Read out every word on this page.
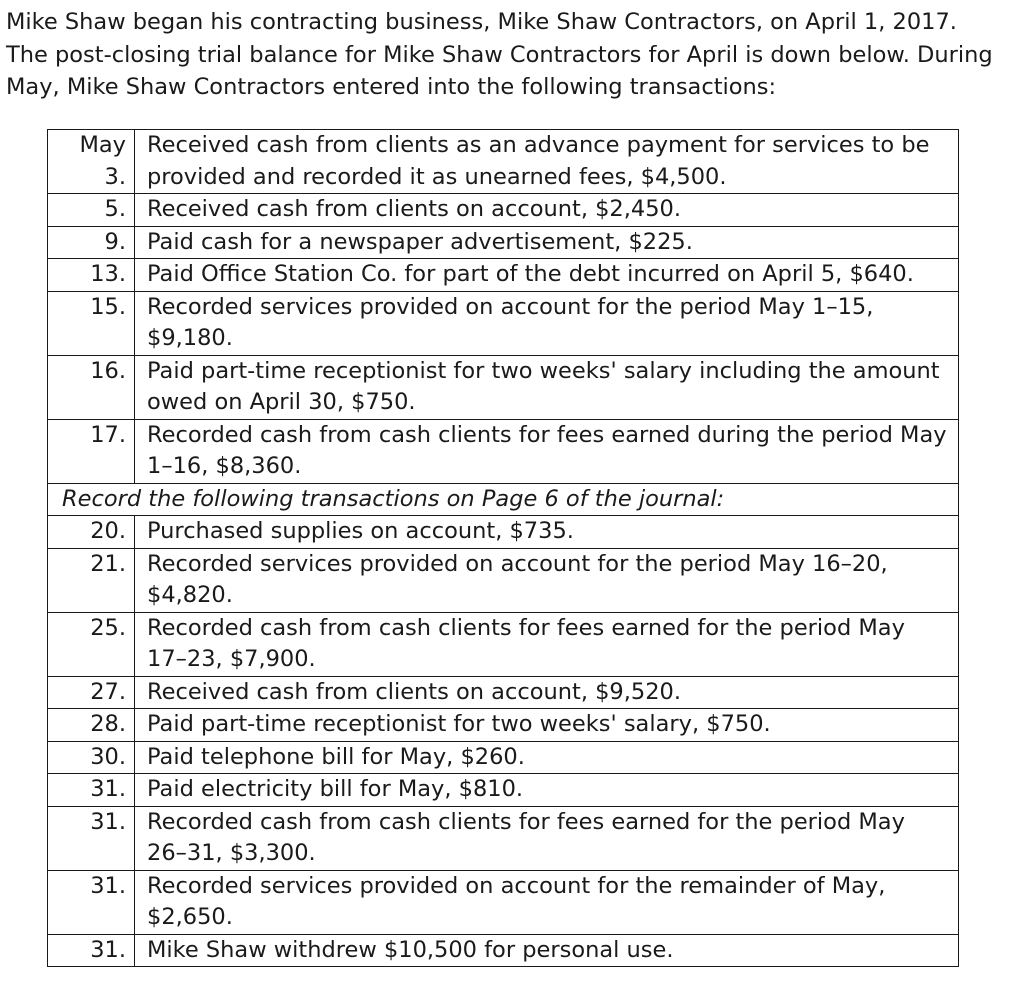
Mike Shaw began his contracting business, Mike Shaw Contractors, on April 1, 2017.
The post-closing trial balance for Mike Shaw Contractors for April is down below. During
May, Mike Shaw Contractors entered into the following transactions:

May
3.	Received cash from clients as an advance payment for services to be
provided and recorded it as unearned fees, $4,500.

5.	Received cash from clients on account, $2,450.

9.	Paid cash for a newspaper advertisement, $225.

13.	Paid Office Station Co. for part of the debt incurred on April 5, $640.

15.	Recorded services provided on account for the period May 1–15,
$9,180.

16.	Paid part-time receptionist for two weeks' salary including the amount
owed on April 30, $750.

17.	Recorded cash from cash clients for fees earned during the period May
1–16, $8,360.

Record the following transactions on Page 6 of the journal:	

20.	Purchased supplies on account, $735.

21.	Recorded services provided on account for the period May 16–20,
$4,820.

25.	Recorded cash from cash clients for fees earned for the period May
17–23, $7,900.

27.	Received cash from clients on account, $9,520.

28.	Paid part-time receptionist for two weeks' salary, $750.

30.	Paid telephone bill for May, $260.

31.	Paid electricity bill for May, $810.

31.	Recorded cash from cash clients for fees earned for the period May
26–31, $3,300.

31.	Recorded services provided on account for the remainder of May,
$2,650.

31.	Mike Shaw withdrew $10,500 for personal use.
